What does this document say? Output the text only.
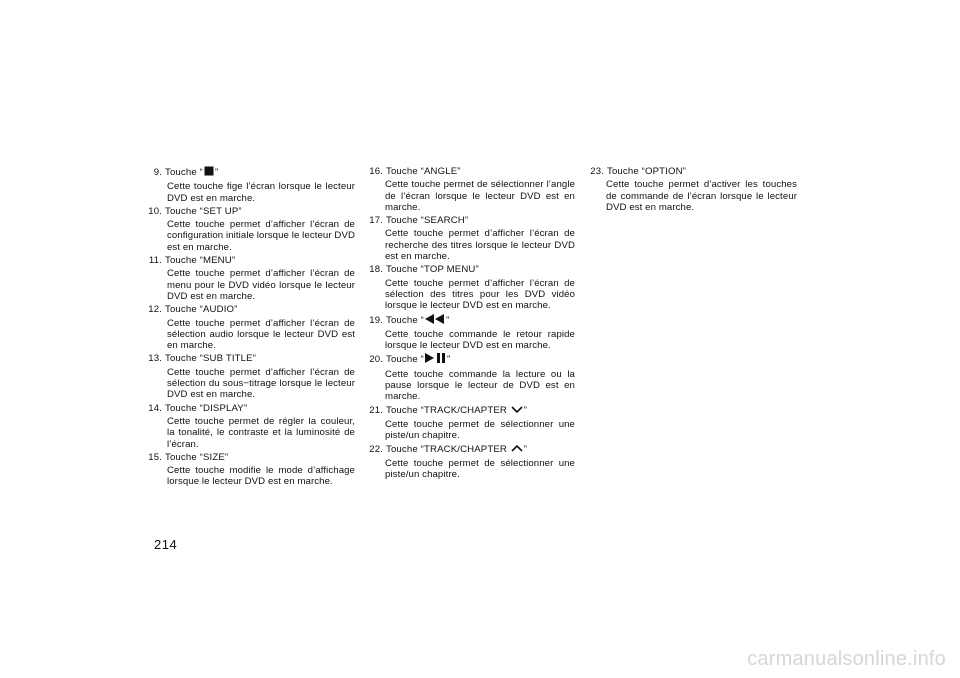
9. Touche “ ”
Cette touche fige l’écran lorsque le lecteur DVD est en marche.
10. Touche “SET UP”
Cette touche permet d’afficher l’écran de configuration initiale lorsque le lecteur DVD est en marche.
11. Touche “MENU”
Cette touche permet d’afficher l’écran de menu pour le DVD vidéo lorsque le lecteur DVD est en marche.
12. Touche “AUDIO”
Cette touche permet d’afficher l’écran de sélection audio lorsque le lecteur DVD est en marche.
13. Touche “SUB TITLE”
Cette touche permet d’afficher l’écran de sélection du sous−titrage lorsque le lecteur DVD est en marche.
14. Touche “DISPLAY”
Cette touche permet de régler la couleur, la tonalité, le contraste et la luminosité de l’écran.
15. Touche “SIZE”
Cette touche modifie le mode d’affichage lorsque le lecteur DVD est en marche.
16. Touche “ANGLE”
Cette touche permet de sélectionner l’angle de l’écran lorsque le lecteur DVD est en marche.
17. Touche “SEARCH”
Cette touche permet d’afficher l’écran de recherche des titres lorsque le lecteur DVD est en marche.
18. Touche “TOP MENU”
Cette touche permet d’afficher l’écran de sélection des titres pour les DVD vidéo lorsque le lecteur DVD est en marche.
19. Touche “ ”
Cette touche commande le retour rapide lorsque le lecteur DVD est en marche.
20. Touche “ ”
Cette touche commande la lecture ou la pause lorsque le lecteur de DVD est en marche.
21. Touche “TRACK/CHAPTER ”
Cette touche permet de sélectionner une piste/un chapitre.
22. Touche “TRACK/CHAPTER ”
Cette touche permet de sélectionner une piste/un chapitre.
23. Touche “OPTION”
Cette touche permet d’activer les touches de commande de l’écran lorsque le lecteur DVD est en marche.
214
carmanualsonline.info
